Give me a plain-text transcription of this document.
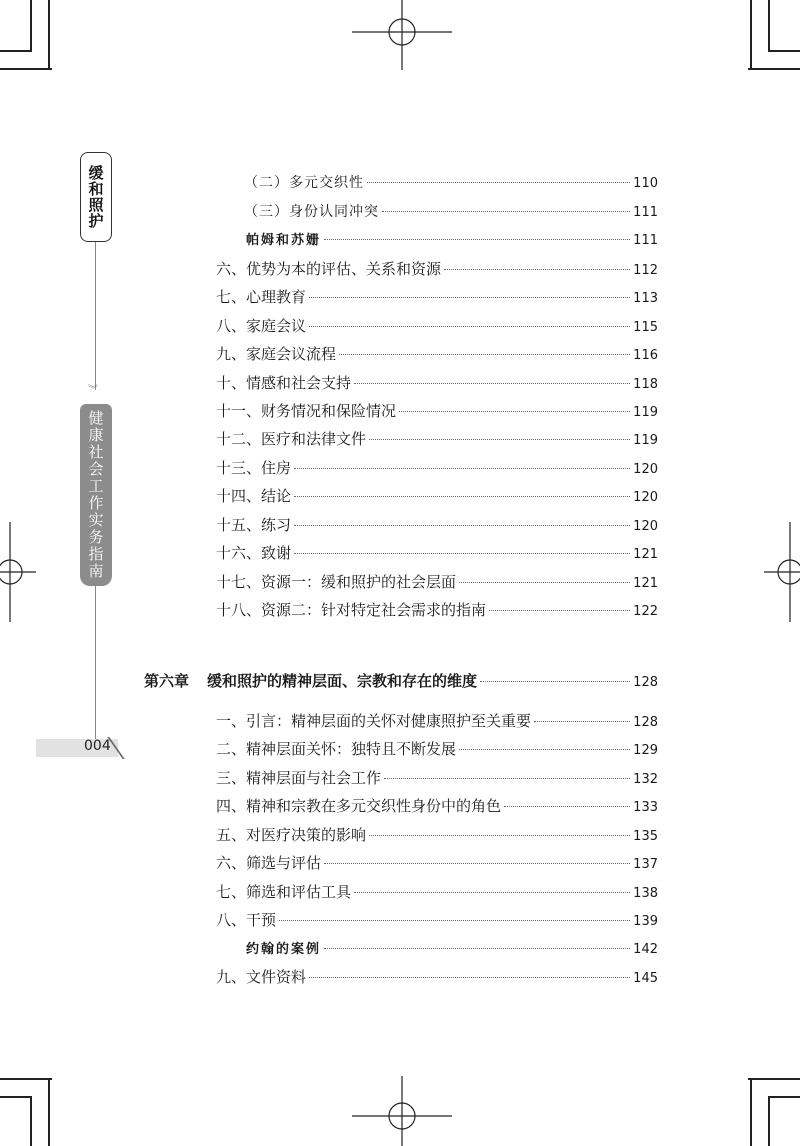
缓和照护
︾
健康社会工作实务指南
004
（二）多元交织性	110
（三）身份认同冲突	111
帕姆和苏姗	111
六、优势为本的评估、关系和资源	112
七、心理教育	113
八、家庭会议	115
九、家庭会议流程	116
十、情感和社会支持	118
十一、财务情况和保险情况	119
十二、医疗和法律文件	119
十三、住房	120
十四、结论	120
十五、练习	120
十六、致谢	121
十七、资源一：缓和照护的社会层面	121
十八、资源二：针对特定社会需求的指南	122
第六章 缓和照护的精神层面、宗教和存在的维度	128
一、引言：精神层面的关怀对健康照护至关重要	128
二、精神层面关怀：独特且不断发展	129
三、精神层面与社会工作	132
四、精神和宗教在多元交织性身份中的角色	133
五、对医疗决策的影响	135
六、筛选与评估	137
七、筛选和评估工具	138
八、干预	139
约翰的案例	142
九、文件资料	145
